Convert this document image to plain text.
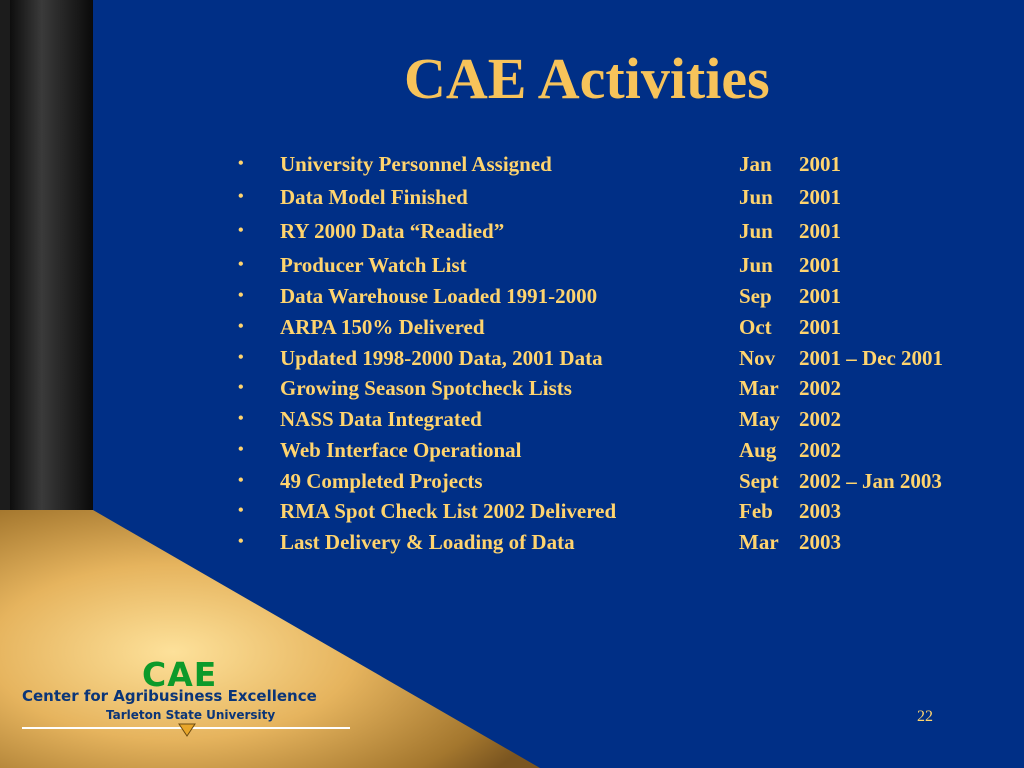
CAE Activities
• University Personnel Assigned	Jan 2001
• Data Model Finished	Jun 2001
• RY 2000 Data “Readied”	Jun 2001
• Producer Watch List	Jun 2001
• Data Warehouse Loaded 1991-2000	Sep 2001
• ARPA 150% Delivered	Oct 2001
• Updated 1998-2000 Data, 2001 Data	Nov 2001 – Dec 2001
• Growing Season Spotcheck Lists	Mar 2002
• NASS Data Integrated	May 2002
• Web Interface Operational	Aug 2002
• 49 Completed Projects	Sept 2002 – Jan 2003
• RMA Spot Check List 2002 Delivered	Feb 2003
• Last Delivery & Loading of Data	Mar 2003
22
CAE
Center for Agribusiness Excellence
Tarleton State University
